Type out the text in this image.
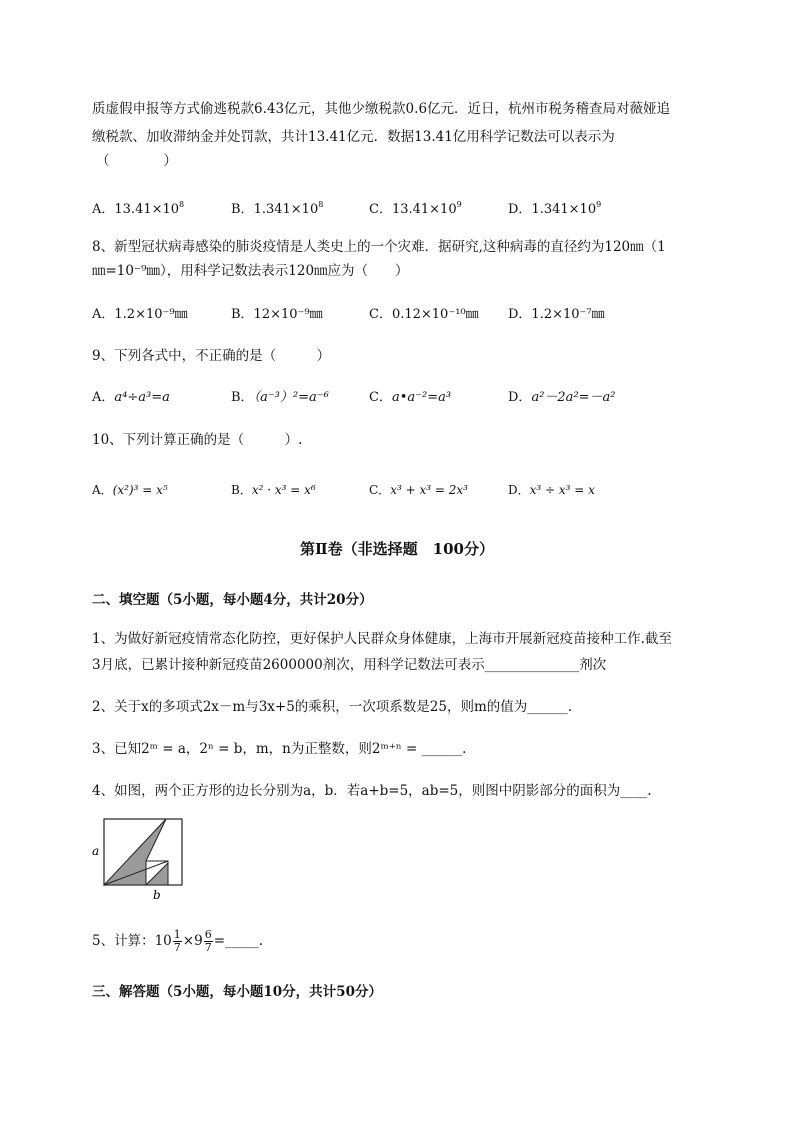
质虚假申报等方式偷逃税款6.43亿元，其他少缴税款0.6亿元．近日，杭州市税务稽查局对薇娅追
缴税款、加收滞纳金并处罚款，共计13.41亿元．数据13.41亿用科学记数法可以表示为
（　　　　）
A．$13.41\times 10^8$	B．$1.341\times 10^8$	C．$13.41\times 10^9$	D．$1.341\times 10^9$
8、新型冠状病毒感染的肺炎疫情是人类史上的一个灾难．据研究,这种病毒的直径约为120㎚（1
㎚=10⁻⁹㎜），用科学记数法表示120㎚应为（　　）
A．1.2×10⁻⁹㎜	B．12×10⁻⁹㎜	C．0.12×10⁻¹⁰㎜ D．1.2×10⁻⁷㎜
9、下列各式中，不正确的是（　　　）
A．a⁴÷a³=a	B．（a⁻³）²=a⁻⁶	C．a•a⁻²=a³	D．a²－2a²=－a²
10、下列计算正确的是（　　　）.
A．(x²)³ = x⁵	B．x² · x³ = x⁶	C．x³ + x³ = 2x³	D．x³ ÷ x³ = x
第Ⅱ卷（非选择题　100分）
二、填空题（5小题，每小题4分，共计20分）
1、为做好新冠疫情常态化防控，更好保护人民群众身体健康，上海市开展新冠疫苗接种工作.截至
3月底，已累计接种新冠疫苗2600000剂次，用科学记数法可表示______________剂次
2、关于x的多项式2x－m与3x+5的乘积，一次项系数是25，则m的值为______.
3、已知2ᵐ = a，2ⁿ = b，m，n为正整数，则2ᵐ⁺ⁿ = ______.
4、如图，两个正方形的边长分别为a，b．若a+b=5，ab=5，则图中阴影部分的面积为____.
a
b
5、计算：$10 \frac{1}{7} \times 9 \frac{6}{7}$ =_____.
三、解答题（5小题，每小题10分，共计50分）
